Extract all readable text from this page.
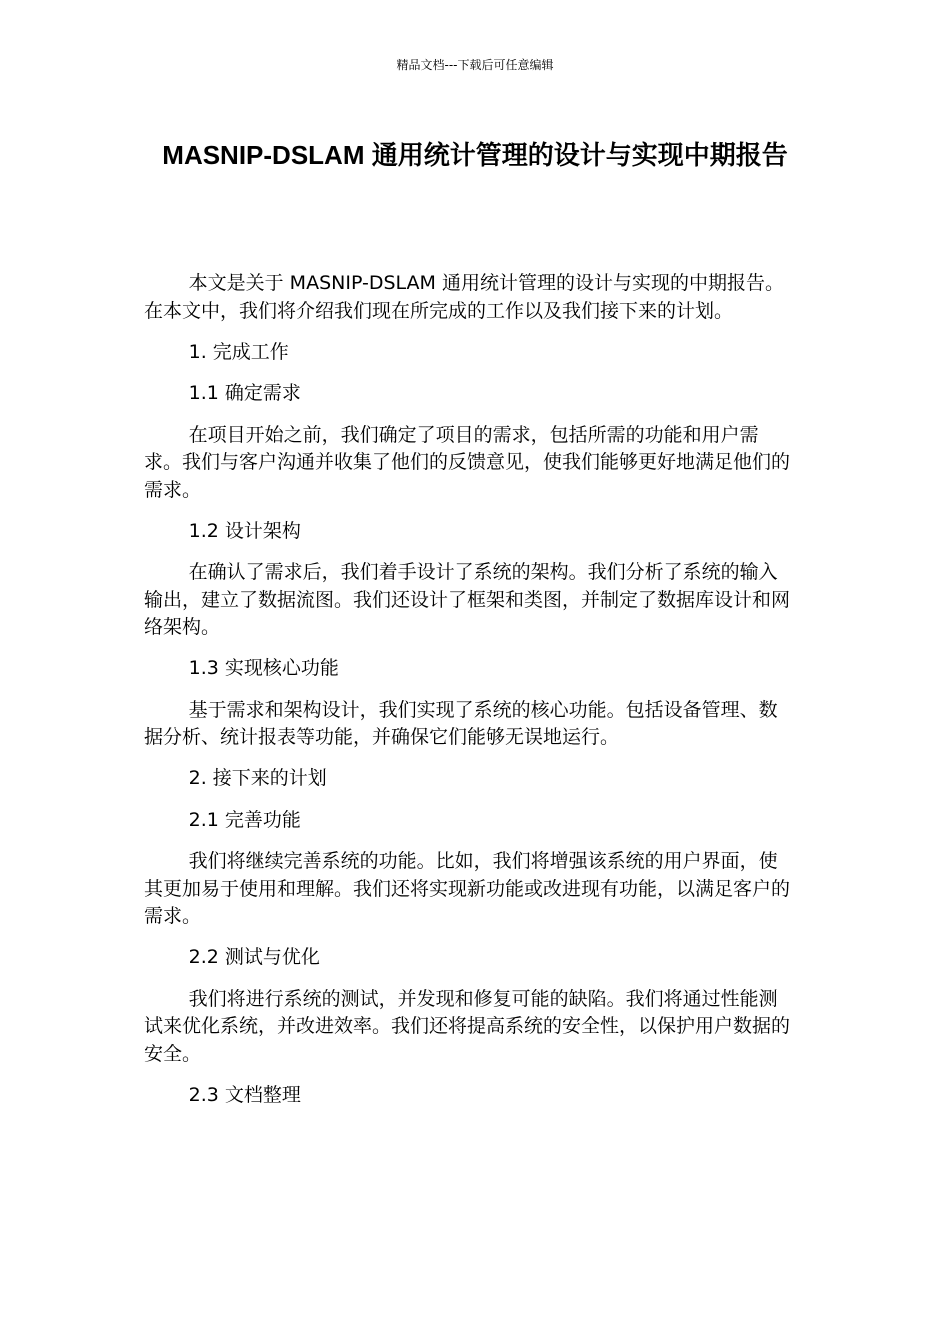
精品文档---下载后可任意编辑
MASNIP-DSLAM 通用统计管理的设计与实现中期报告

本文是关于 MASNIP-DSLAM 通用统计管理的设计与实现的中期报告。在本文中，我们将介绍我们现在所完成的工作以及我们接下来的计划。

1. 完成工作

1.1 确定需求

在项目开始之前，我们确定了项目的需求，包括所需的功能和用户需求。我们与客户沟通并收集了他们的反馈意见，使我们能够更好地满足他们的需求。

1.2 设计架构

在确认了需求后，我们着手设计了系统的架构。我们分析了系统的输入输出，建立了数据流图。我们还设计了框架和类图，并制定了数据库设计和网络架构。

1.3 实现核心功能

基于需求和架构设计，我们实现了系统的核心功能。包括设备管理、数据分析、统计报表等功能，并确保它们能够无误地运行。

2. 接下来的计划

2.1 完善功能

我们将继续完善系统的功能。比如，我们将增强该系统的用户界面，使其更加易于使用和理解。我们还将实现新功能或改进现有功能，以满足客户的需求。

2.2 测试与优化

我们将进行系统的测试，并发现和修复可能的缺陷。我们将通过性能测试来优化系统，并改进效率。我们还将提高系统的安全性，以保护用户数据的安全。

2.3 文档整理
